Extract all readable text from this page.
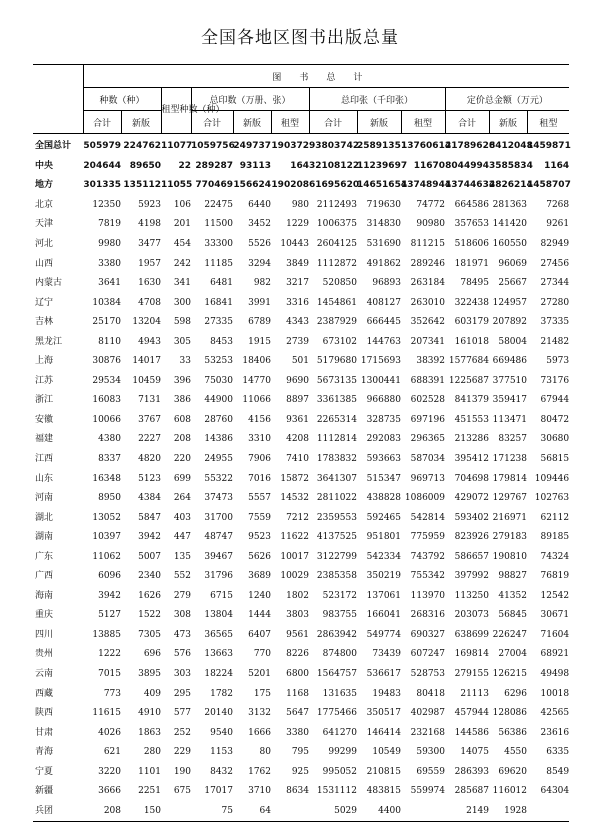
全国各地区图书出版总量
	图书总计											
	种数（种）		租型种数（种）	总印数（万册、张）			总印张（千印张）			定价总金额（万元）		
	合计	新版		合计	新版	租型	合计	新版	租型	合计	新版	租型
全国总计	505979	224762	11077	1059756	249737	190372	93803742	25891351	13760614	21789626	8412048	1459871
中央	204644	89650	22	289287	93113	164	32108122	11239697	11670	8044994	3585834	1164
地方	301335	135112	11055	770469	156624	190208	61695620	14651654	13748944	13744632	4826214	1458707
北京	12350	5923	106	22475	6440	980	2112493	719630	74772	664586	281363	7268
天津	7819	4198	201	11500	3452	1229	1006375	314830	90980	357653	141420	9261
河北	9980	3477	454	33300	5526	10443	2604125	531690	811215	518606	160550	82949
山西	3380	1957	242	11185	3294	3849	1112872	491862	289246	181971	96069	27456
内蒙古	3641	1630	341	6481	982	3217	520850	96893	263184	78495	25667	27344
辽宁	10384	4708	300	16841	3991	3316	1454861	408127	263010	322438	124957	27280
吉林	25170	13204	598	27335	6789	4343	2387929	666445	352642	603179	207892	37335
黑龙江	8110	4943	305	8453	1915	2739	673102	144763	207341	161018	58004	21482
上海	30876	14017	33	53253	18406	501	5179680	1715693	38392	1577684	669486	5973
江苏	29534	10459	396	75030	14770	9690	5673135	1300441	688391	1225687	377510	73176
浙江	16083	7131	386	44900	11066	8897	3361385	966880	602528	841379	359417	67944
安徽	10066	3767	608	28760	4156	9361	2265314	328735	697196	451553	113471	80472
福建	4380	2227	208	14386	3310	4208	1112814	292083	296365	213286	83257	30680
江西	8337	4820	220	24955	7906	7410	1783832	593663	587034	395412	171238	56815
山东	16348	5123	699	55322	7016	15872	3641307	515347	969713	704698	179814	109446
河南	8950	4384	264	37473	5557	14532	2811022	438828	1086009	429072	129767	102763
湖北	13052	5847	403	31700	7559	7212	2359553	592465	542814	593402	216971	62112
湖南	10397	3942	447	48747	9523	11622	4137525	951801	775959	823926	279183	89185
广东	11062	5007	135	39467	5626	10017	3122799	542334	743792	586657	190810	74324
广西	6096	2340	552	31796	3689	10029	2385358	350219	755342	397992	98827	76819
海南	3942	1626	279	6715	1240	1802	523172	137061	113970	113250	41352	12542
重庆	5127	1522	308	13804	1444	3803	983755	166041	268316	203073	56845	30671
四川	13885	7305	473	36565	6407	9561	2863942	549774	690327	638699	226247	71604
贵州	1222	696	576	13663	770	8226	874800	73439	607247	169814	27004	68921
云南	7015	3895	303	18224	5201	6800	1564757	536617	528753	279155	126215	49498
西藏	773	409	295	1782	175	1168	131635	19483	80418	21113	6296	10018
陕西	11615	4910	577	20140	3132	5647	1775466	350517	402987	457944	128086	42565
甘肃	4026	1863	252	9540	1666	3380	641270	146414	232168	144586	56386	23616
青海	621	280	229	1153	80	795	99299	10549	59300	14075	4550	6335
宁夏	3220	1101	190	8432	1762	925	995052	210815	69559	286393	69620	8549
新疆	3666	2251	675	17017	3710	8634	1531112	483815	559974	285687	116012	64304
兵团	208	150		75	64		5029	4400		2149	1928	
